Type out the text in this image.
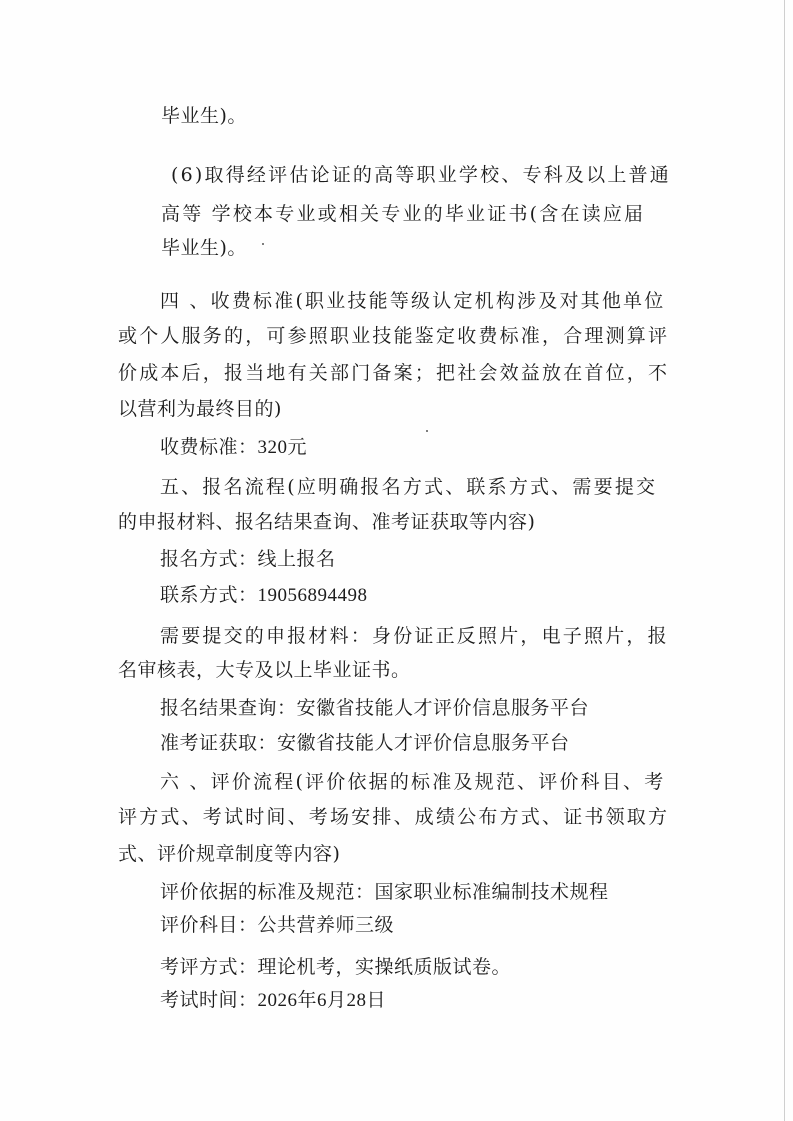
毕业生)。
(6)取得经评估论证的高等职业学校、专科及以上普通
高等 学校本专业或相关专业的毕业证书(含在读应届
毕业生)。
四 、收费标准(职业技能等级认定机构涉及对其他单位
或个人服务的，可参照职业技能鉴定收费标准，合理测算评
价成本后，报当地有关部门备案；把社会效益放在首位，不
以营利为最终目的)
收费标准：320元
五、报名流程(应明确报名方式、联系方式、需要提交
的申报材料、报名结果查询、准考证获取等内容)
报名方式：线上报名
联系方式：19056894498
需要提交的申报材料：身份证正反照片，电子照片，报
名审核表，大专及以上毕业证书。
报名结果查询：安徽省技能人才评价信息服务平台
准考证获取：安徽省技能人才评价信息服务平台
六 、评价流程(评价依据的标准及规范、评价科目、考
评方式、考试时间、考场安排、成绩公布方式、证书领取方
式、评价规章制度等内容)
评价依据的标准及规范：国家职业标准编制技术规程
评价科目：公共营养师三级
考评方式：理论机考，实操纸质版试卷。
考试时间：2026年6月28日
